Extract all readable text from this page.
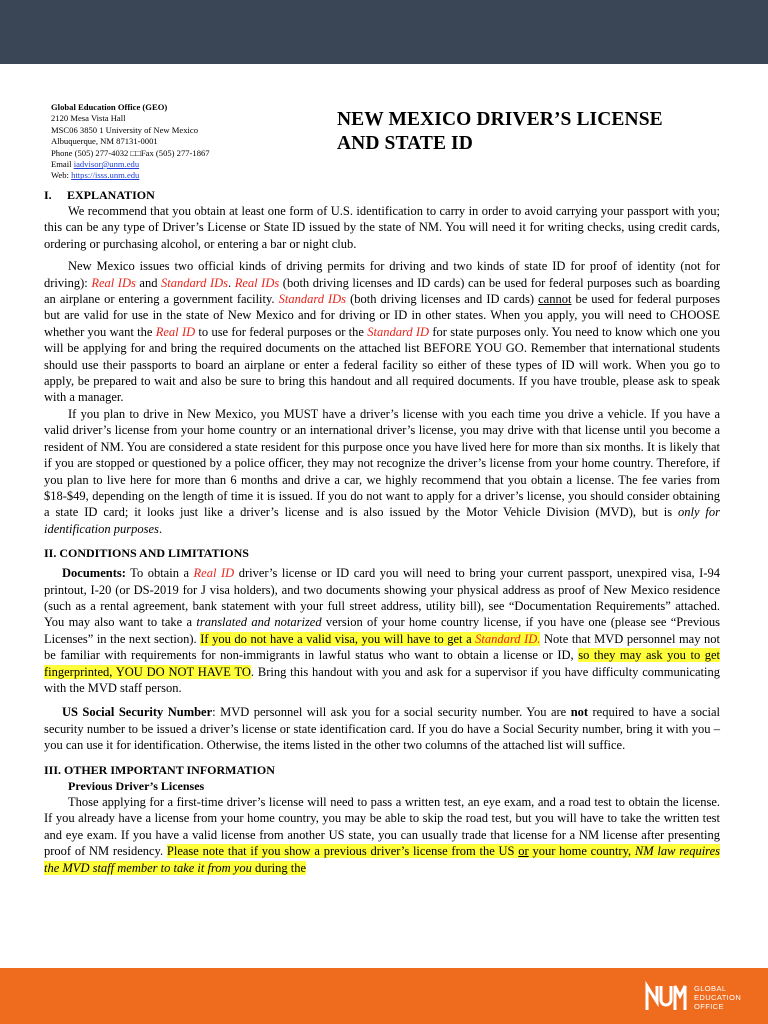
Global Education Office (GEO)
2120 Mesa Vista Hall
MSC06 3850 1 University of New Mexico
Albuquerque, NM 87131-0001
Phone (505) 277-4032 □□Fax (505) 277-1867
Email iadvisor@unm.edu
Web: https://isss.unm.edu
NEW MEXICO DRIVER’S LICENSE
AND STATE ID

I. EXPLANATION

We recommend that you obtain at least one form of U.S. identification to carry in order to avoid carrying your passport with you; this can be any type of Driver’s License or State ID issued by the state of NM. You will need it for writing checks, using credit cards, ordering or purchasing alcohol, or entering a bar or night club.

New Mexico issues two official kinds of driving permits for driving and two kinds of state ID for proof of identity (not for driving): Real IDs and Standard IDs. Real IDs (both driving licenses and ID cards) can be used for federal purposes such as boarding an airplane or entering a government facility. Standard IDs (both driving licenses and ID cards) cannot be used for federal purposes but are valid for use in the state of New Mexico and for driving or ID in other states. When you apply, you will need to CHOOSE whether you want the Real ID to use for federal purposes or the Standard ID for state purposes only. You need to know which one you will be applying for and bring the required documents on the attached list BEFORE YOU GO. Remember that international students should use their passports to board an airplane or enter a federal facility so either of these types of ID will work. When you go to apply, be prepared to wait and also be sure to bring this handout and all required documents. If you have trouble, please ask to speak with a manager.

If you plan to drive in New Mexico, you MUST have a driver’s license with you each time you drive a vehicle. If you have a valid driver’s license from your home country or an international driver’s license, you may drive with that license until you become a resident of NM. You are considered a state resident for this purpose once you have lived here for more than six months. It is likely that if you are stopped or questioned by a police officer, they may not recognize the driver’s license from your home country. Therefore, if you plan to live here for more than 6 months and drive a car, we highly recommend that you obtain a license. The fee varies from $18-$49, depending on the length of time it is issued. If you do not want to apply for a driver’s license, you should consider obtaining a state ID card; it looks just like a driver’s license and is also issued by the Motor Vehicle Division (MVD), but is only for identification purposes.

II. CONDITIONS AND LIMITATIONS

Documents: To obtain a Real ID driver’s license or ID card you will need to bring your current passport, unexpired visa, I-94 printout, I-20 (or DS-2019 for J visa holders), and two documents showing your physical address as proof of New Mexico residence (such as a rental agreement, bank statement with your full street address, utility bill), see “Documentation Requirements” attached. You may also want to take a translated and notarized version of your home country license, if you have one (please see “Previous Licenses” in the next section). If you do not have a valid visa, you will have to get a Standard ID. Note that MVD personnel may not be familiar with requirements for non-immigrants in lawful status who want to obtain a license or ID, so they may ask you to get fingerprinted, YOU DO NOT HAVE TO. Bring this handout with you and ask for a supervisor if you have difficulty communicating with the MVD staff person.

US Social Security Number: MVD personnel will ask you for a social security number. You are not required to have a social security number to be issued a driver’s license or state identification card. If you do have a Social Security number, bring it with you – you can use it for identification. Otherwise, the items listed in the other two columns of the attached list will suffice.

III. OTHER IMPORTANT INFORMATION

Previous Driver’s Licenses

Those applying for a first-time driver’s license will need to pass a written test, an eye exam, and a road test to obtain the license. If you already have a license from your home country, you may be able to skip the road test, but you will have to take the written test and eye exam. If you have a valid license from another US state, you can usually trade that license for a NM license after presenting proof of NM residency. Please note that if you show a previous driver’s license from the US or your home country, NM law requires the MVD staff member to take it from you during the

GLOBAL
EDUCATION
OFFICE
